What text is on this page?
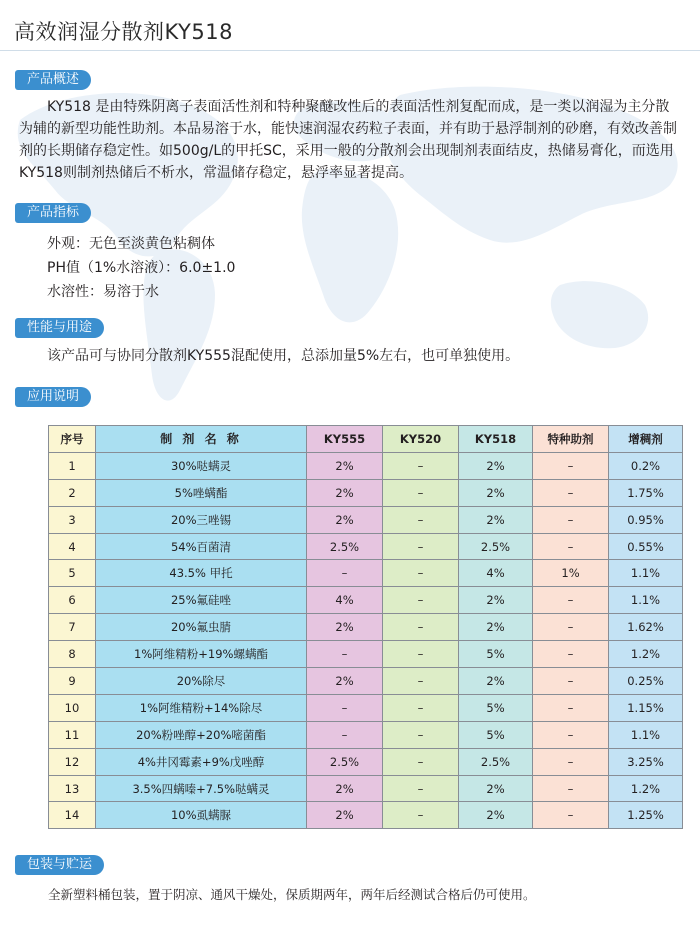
高效润湿分散剂KY518
产品概述
KY518 是由特殊阴离子表面活性剂和特种聚醚改性后的表面活性剂复配而成，是一类以润湿为主分散为辅的新型功能性助剂。本品易溶于水，能快速润湿农药粒子表面，并有助于悬浮制剂的砂磨，有效改善制剂的长期储存稳定性。如500g/L的甲托SC，采用一般的分散剂会出现制剂表面结皮，热储易膏化，而选用KY518则制剂热储后不析水，常温储存稳定，悬浮率显著提高。
产品指标
外观：无色至淡黄色粘稠体
PH值（1%水溶液）：6.0±1.0
水溶性：易溶于水
性能与用途
该产品可与协同分散剂KY555混配使用，总添加量5%左右，也可单独使用。
应用说明
序号	制 剂 名 称	KY555	KY520	KY518	特种助剂	增稠剂
1	30%哒螨灵	2%	–	2%	–	0.2%
2	5%唑螨酯	2%	–	2%	–	1.75%
3	20%三唑锡	2%	–	2%	–	0.95%
4	54%百菌清	2.5%	–	2.5%	–	0.55%
5	43.5% 甲托	–	–	4%	1%	1.1%
6	25%氟硅唑	4%	–	2%	–	1.1%
7	20%氟虫腈	2%	–	2%	–	1.62%
8	1%阿维精粉+19%螺螨酯	–	–	5%	–	1.2%
9	20%除尽	2%	–	2%	–	0.25%
10	1%阿维精粉+14%除尽	–	–	5%	–	1.15%
11	20%粉唑醇+20%嘧菌酯	–	–	5%	–	1.1%
12	4%井冈霉素+9%戊唑醇	2.5%	–	2.5%	–	3.25%
13	3.5%四螨嗪+7.5%哒螨灵	2%	–	2%	–	1.2%
14	10%虱螨脲	2%	–	2%	–	1.25%
包装与贮运
全新塑料桶包装，置于阴凉、通风干燥处，保质期两年，两年后经测试合格后仍可使用。
